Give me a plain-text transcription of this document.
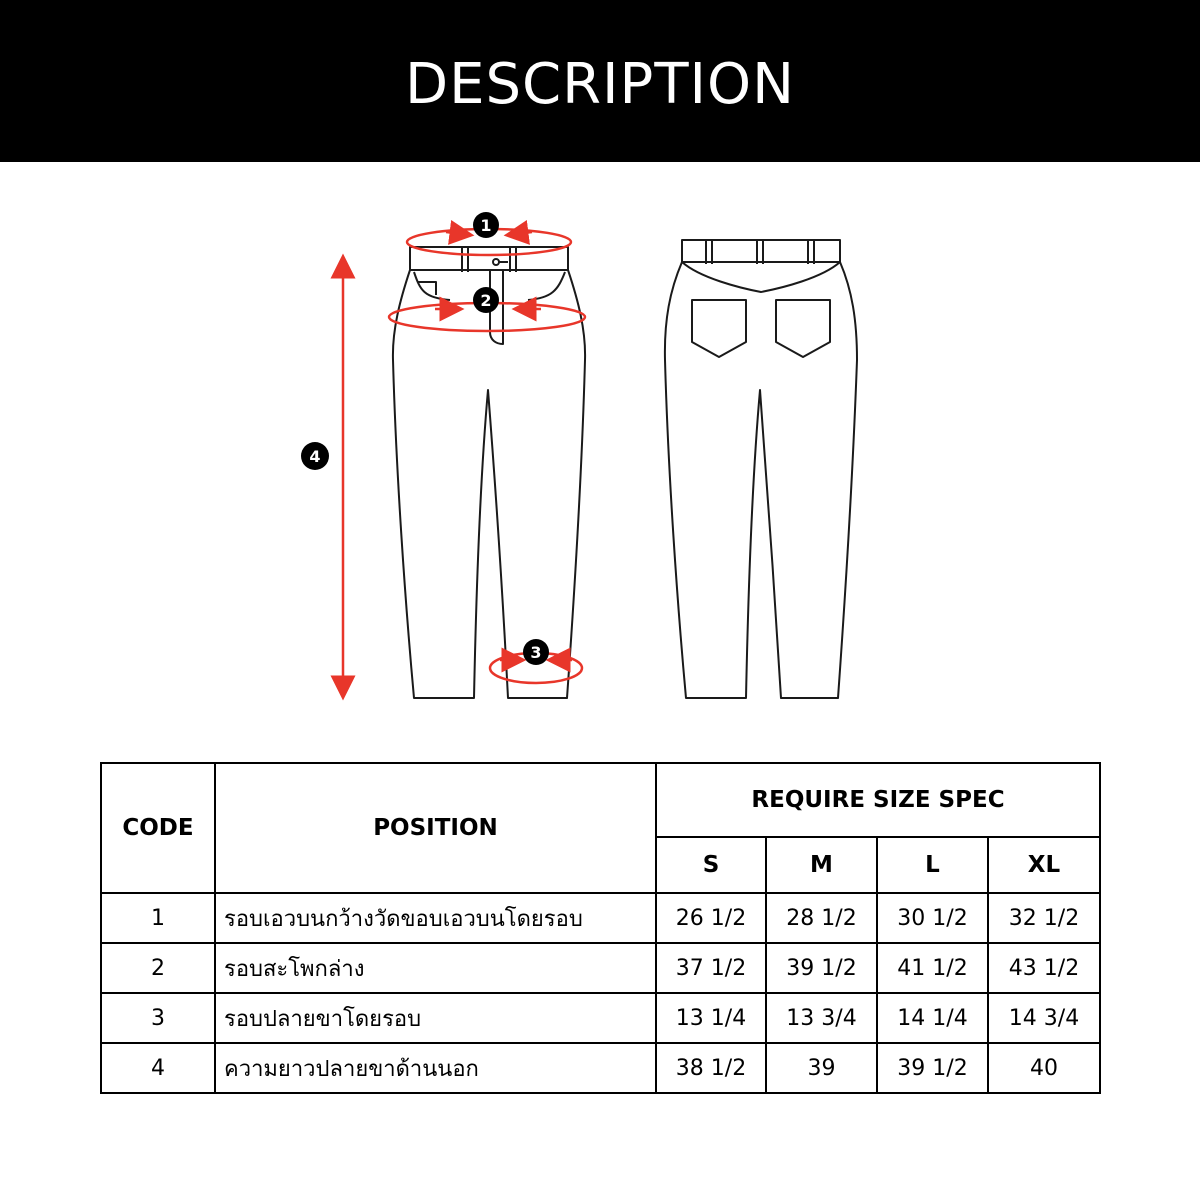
DESCRIPTION
1
2
3
4
CODE	POSITION	REQUIRE SIZE SPEC			
		S	M	L	XL
1	รอบเอวบนกว้างวัดขอบเอวบนโดยรอบ	26 1/2	28 1/2	30 1/2	32 1/2
2	รอบสะโพกล่าง	37 1/2	39 1/2	41 1/2	43 1/2
3	รอบปลายขาโดยรอบ	13 1/4	13 3/4	14 1/4	14 3/4
4	ความยาวปลายขาด้านนอก	38 1/2	39	39 1/2	40
